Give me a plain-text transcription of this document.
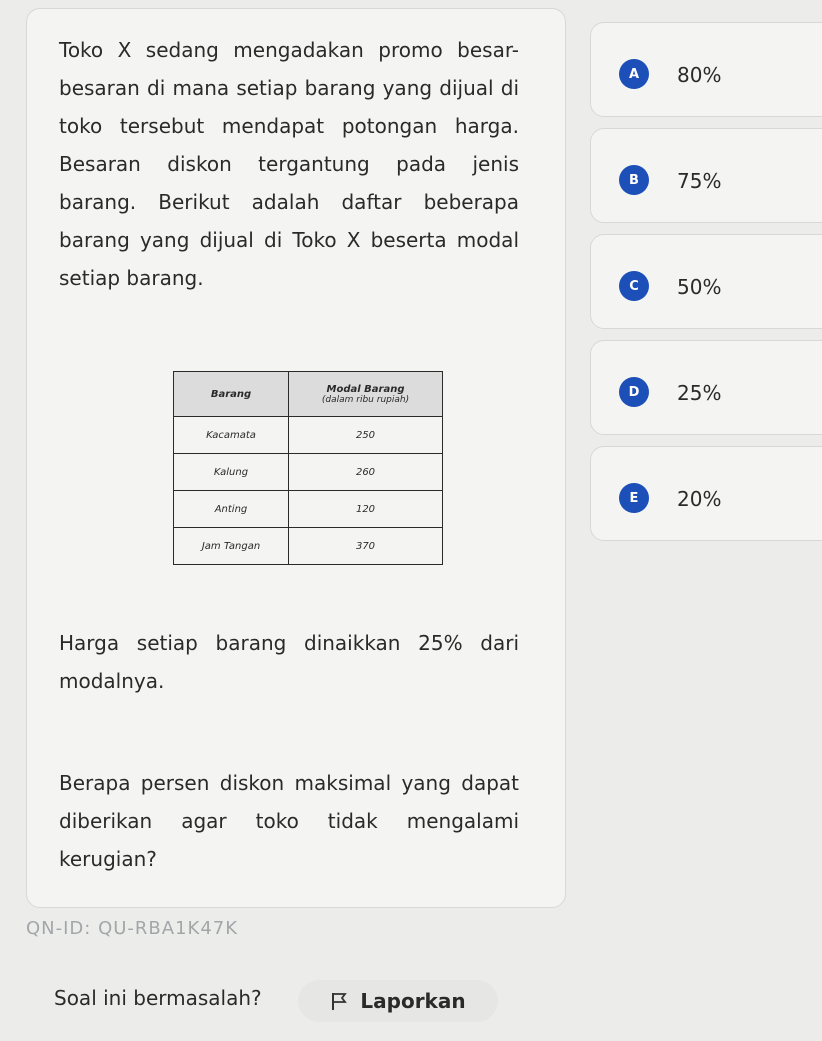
Toko X sedang mengadakan promo besar-besaran di mana setiap barang yang dijual di toko tersebut mendapat potongan harga. Besaran diskon tergantung pada jenis barang. Berikut adalah daftar beberapa barang yang dijual di Toko X beserta modal setiap barang.

Barang	Modal Barang
(dalam ribu rupiah)

Kacamata	250
Kalung	260
Anting	120
Jam Tangan	370

Harga setiap barang dinaikkan 25% dari modalnya.

Berapa persen diskon maksimal yang dapat diberikan agar toko tidak mengalami kerugian?

A	80%
B	75%
C	50%
D	25%
E	20%
QN-ID: QU-RBA1K47K
Soal ini bermasalah?	Laporkan
